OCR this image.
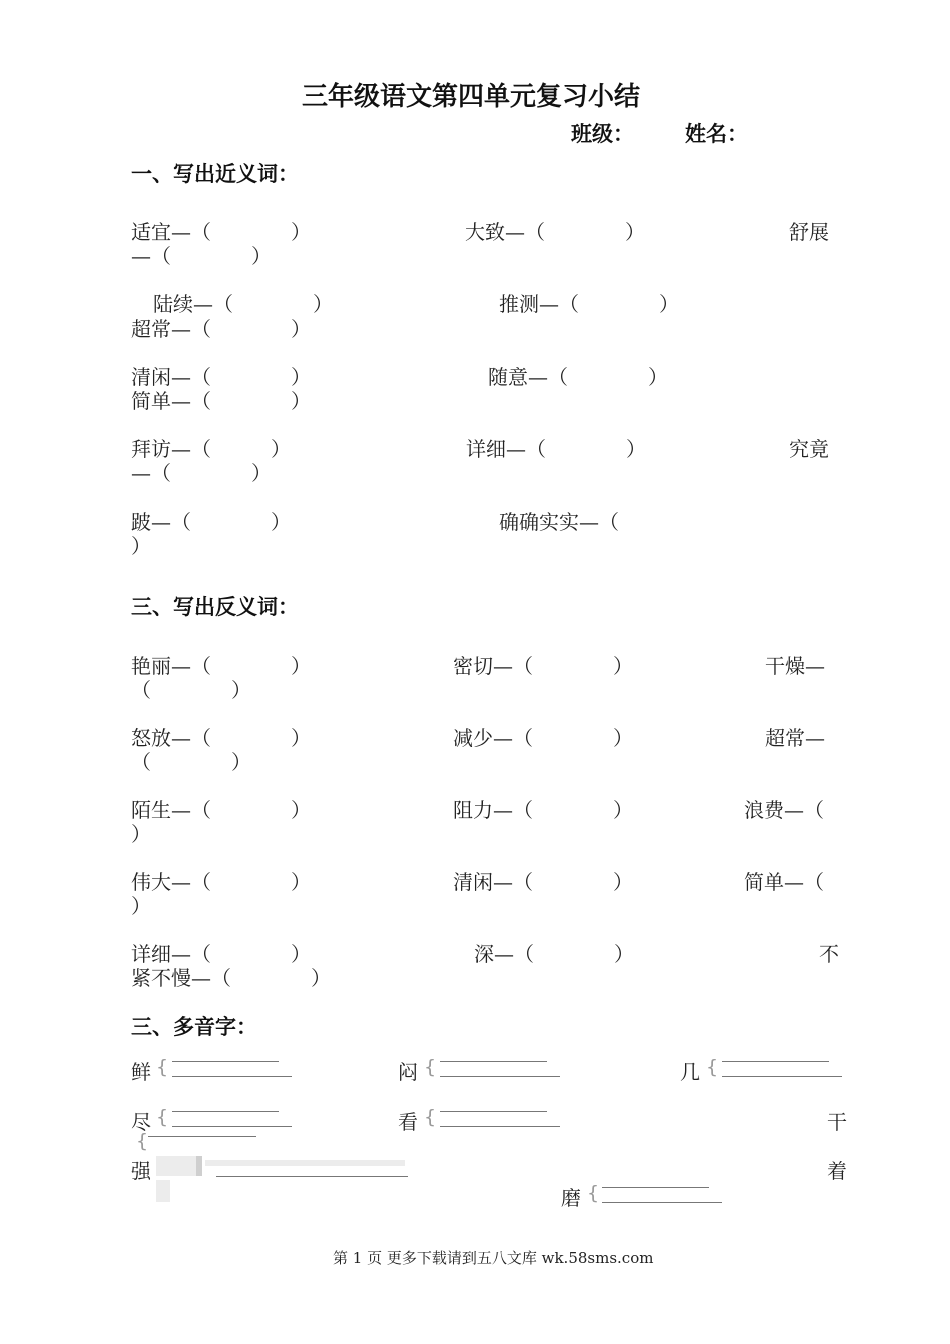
三年级语文第四单元复习小结
班级： 姓名：
一、写出近义词：
适宜—（　　　　）	大致—（　　　　）	舒展
—（　　　　）
陆续—（　　　　）	推测—（　　　　）
超常—（　　　　）
清闲—（　　　　）	随意—（　　　　）
简单—（　　　　）
拜访—（　　　）	详细—（　　　　）	究竟
—（　　　　）
跛—（　　　　）	确确实实—（
）
三、写出反义词：
艳丽—（　　　　）	密切—（　　　　）	干燥—
（　　　　）
怒放—（　　　　）	减少—（　　　　）	超常—
（　　　　）
陌生—（　　　　）	阻力—（　　　　）	浪费—（
）
伟大—（　　　　）	清闲—（　　　　）	简单—（
）
详细—（　　　　）	深—（　　　　）	不
紧不慢—（　　　　）
三、多音字：
鲜 {	闷 {	几 {
尽 {	看 {	干
{
强	着
磨 {
第 1 页 更多下载请到五八文库 wk.58sms.com
